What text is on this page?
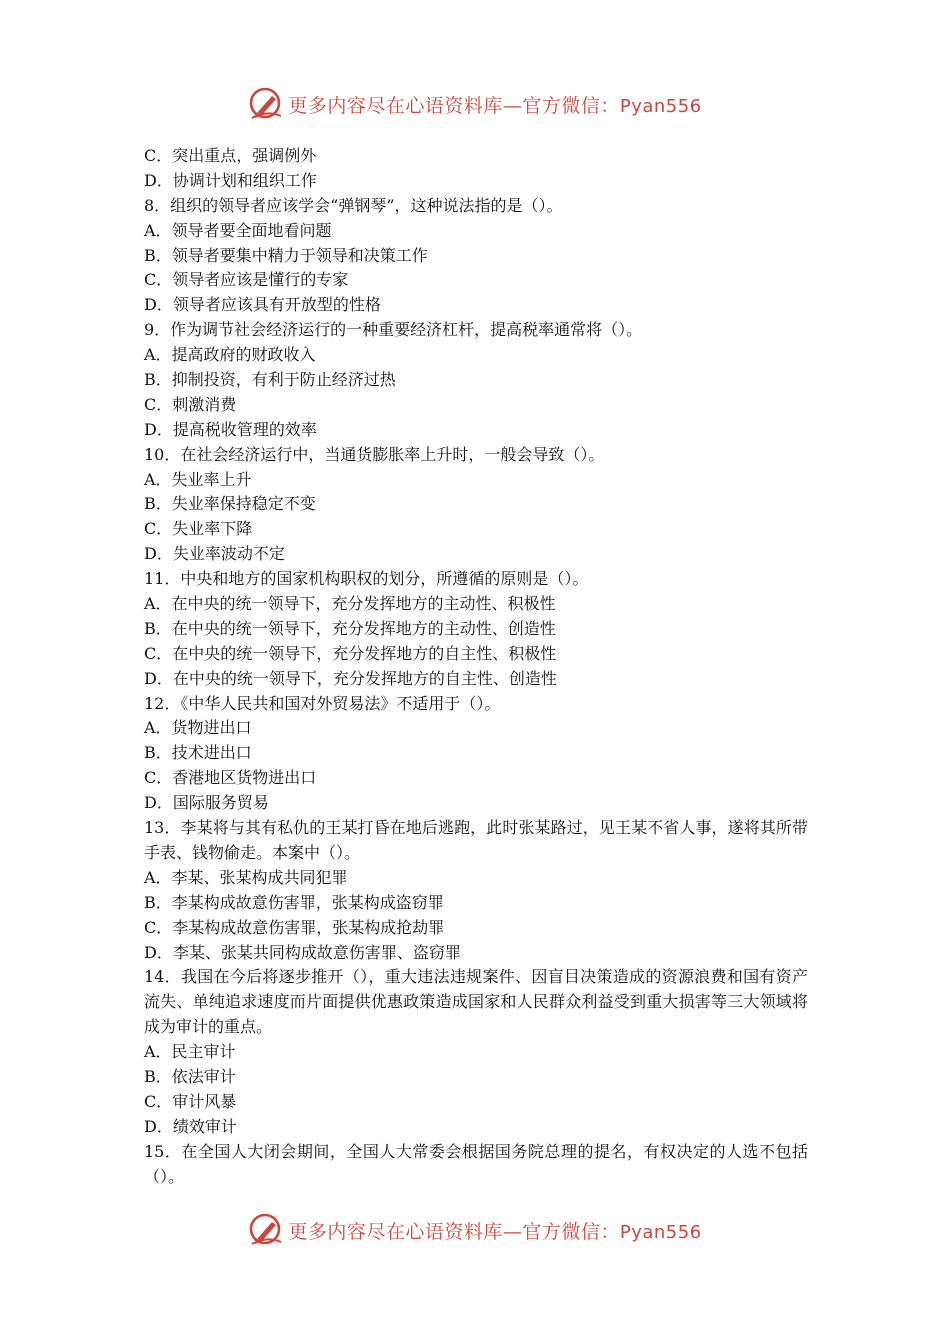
更多内容尽在心语资料库—官方微信：Pyan556
C．突出重点，强调例外
D．协调计划和组织工作
8．组织的领导者应该学会“弹钢琴”，这种说法指的是（）。
A．领导者要全面地看问题
B．领导者要集中精力于领导和决策工作
C．领导者应该是懂行的专家
D．领导者应该具有开放型的性格
9．作为调节社会经济运行的一种重要经济杠杆，提高税率通常将（）。
A．提高政府的财政收入
B．抑制投资，有利于防止经济过热
C．刺激消费
D．提高税收管理的效率
10．在社会经济运行中，当通货膨胀率上升时，一般会导致（）。
A．失业率上升
B．失业率保持稳定不变
C．失业率下降
D．失业率波动不定
11．中央和地方的国家机构职权的划分，所遵循的原则是（）。
A．在中央的统一领导下，充分发挥地方的主动性、积极性
B．在中央的统一领导下，充分发挥地方的主动性、创造性
C．在中央的统一领导下，充分发挥地方的自主性、积极性
D．在中央的统一领导下，充分发挥地方的自主性、创造性
12．《中华人民共和国对外贸易法》不适用于（）。
A．货物进出口
B．技术进出口
C．香港地区货物进出口
D．国际服务贸易
13．李某将与其有私仇的王某打昏在地后逃跑，此时张某路过，见王某不省人事，遂将其所带手表、钱物偷走。本案中（）。
A．李某、张某构成共同犯罪
B．李某构成故意伤害罪，张某构成盗窃罪
C．李某构成故意伤害罪，张某构成抢劫罪
D．李某、张某共同构成故意伤害罪、盗窃罪
14．我国在今后将逐步推开（），重大违法违规案件、因盲目决策造成的资源浪费和国有资产流失、单纯追求速度而片面提供优惠政策造成国家和人民群众利益受到重大损害等三大领域将成为审计的重点。
A．民主审计
B．依法审计
C．审计风暴
D．绩效审计
15．在全国人大闭会期间，全国人大常委会根据国务院总理的提名，有权决定的人选不包括（）。
更多内容尽在心语资料库—官方微信：Pyan556
